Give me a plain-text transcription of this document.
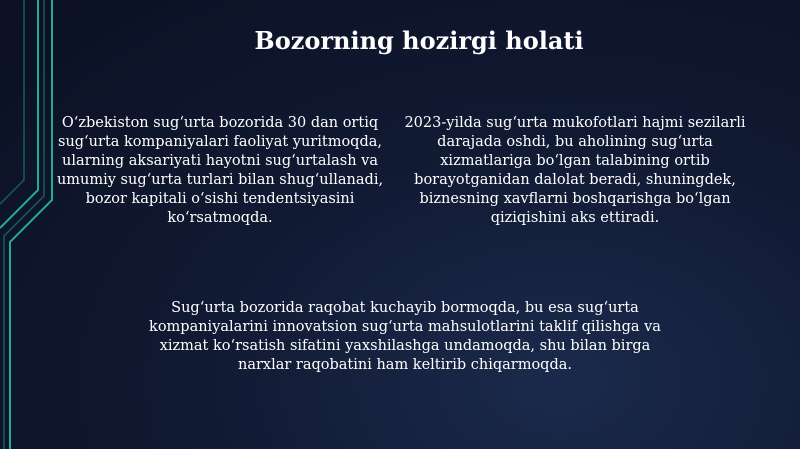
Bozorning hozirgi holati
O‘zbekiston sug‘urta bozorida 30 dan ortiq sug‘urta kompaniyalari faoliyat yuritmoqda, ularning aksariyati hayotni sug‘urtalash va umumiy sug‘urta turlari bilan shug‘ullanadi, bozor kapitali o‘sishi tendentsiyasini ko‘rsatmoqda.
2023-yilda sug‘urta mukofotlari hajmi sezilarli darajada oshdi, bu aholining sug‘urta xizmatlariga bo‘lgan talabining ortib borayotganidan dalolat beradi, shuningdek, biznesning xavflarni boshqarishga bo‘lgan qiziqishini aks ettiradi.
Sug‘urta bozorida raqobat kuchayib bormoqda, bu esa sug‘urta kompaniyalarini innovatsion sug‘urta mahsulotlarini taklif qilishga va xizmat ko‘rsatish sifatini yaxshilashga undamoqda, shu bilan birga narxlar raqobatini ham keltirib chiqarmoqda.
